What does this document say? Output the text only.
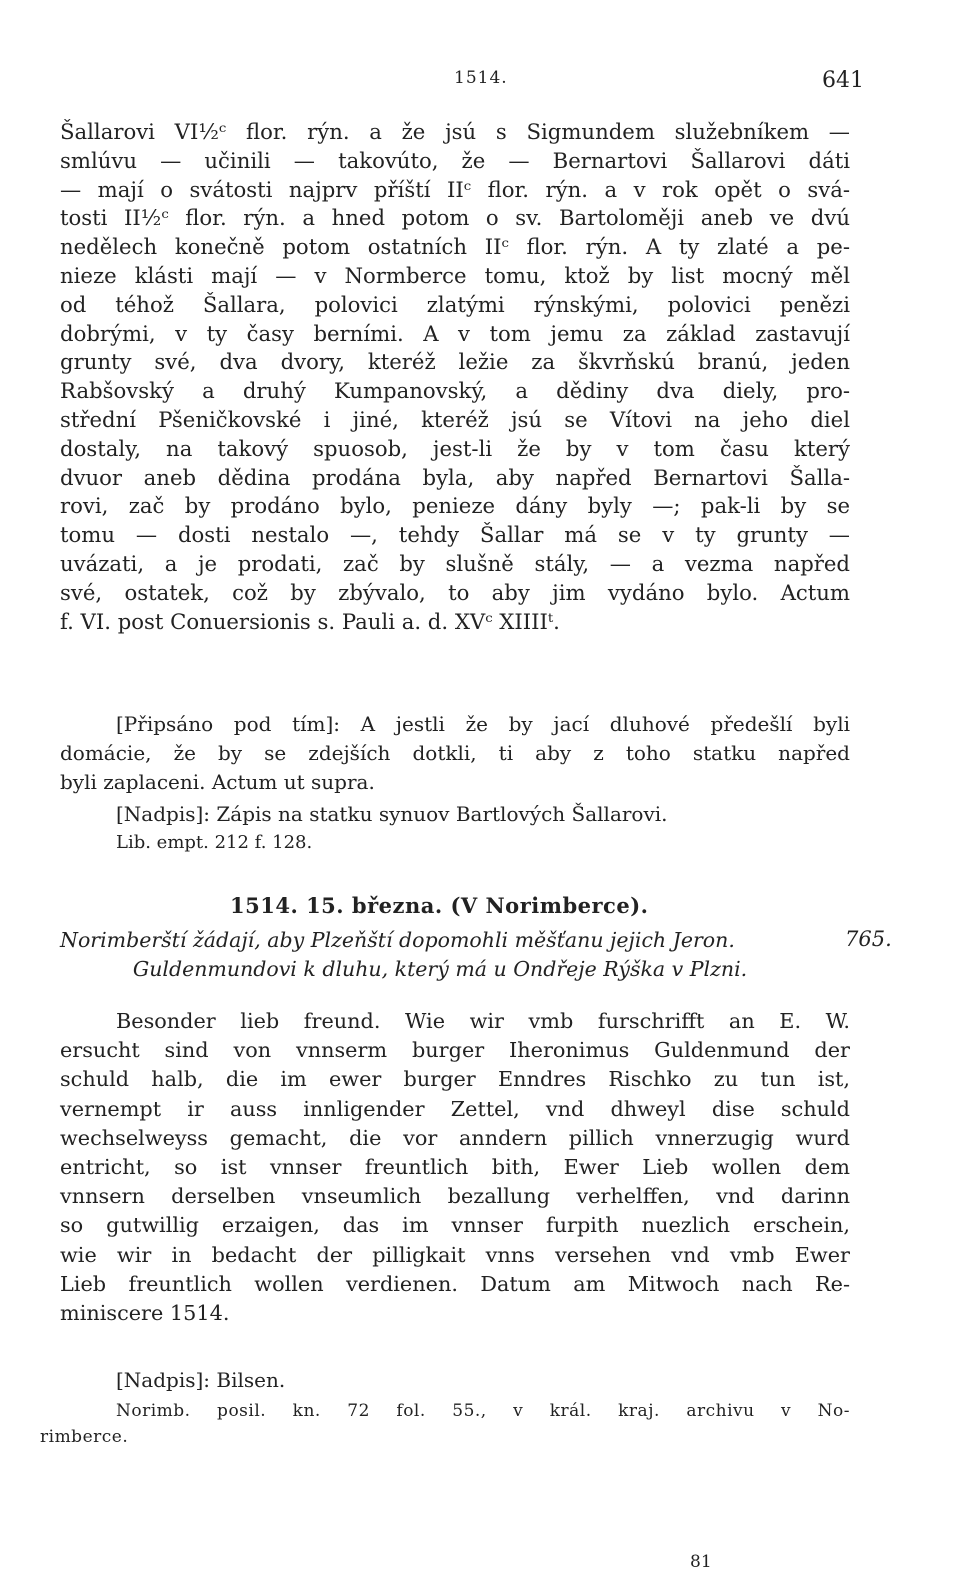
1514.	641
Šallarovi VI½ᶜ flor. rýn. a že jsú s Sigmundem služebníkem —
smlúvu — učinili — takovúto, že — Bernartovi Šallarovi dáti
— mají o svátosti najprv příští IIᶜ flor. rýn. a v rok opět o svá-
tosti II½ᶜ flor. rýn. a hned potom o sv. Bartoloměji aneb ve dvú
nedělech konečně potom ostatních IIᶜ flor. rýn. A ty zlaté a pe-
nieze klásti mají — v Normberce tomu, ktož by list mocný měl
od téhož Šallara, polovici zlatými rýnskými, polovici penězi
dobrými, v ty časy berními. A v tom jemu za základ zastavují
grunty své, dva dvory, kteréž ležie za škvrňskú branú, jeden
Rabšovský a druhý Kumpanovský, a dědiny dva diely, pro-
střední Pšeničkovské i jiné, kteréž jsú se Vítovi na jeho diel
dostaly, na takový spuosob, jest-li že by v tom času který
dvuor aneb dědina prodána byla, aby napřed Bernartovi Šalla-
rovi, zač by prodáno bylo, penieze dány byly —; pak-li by se
tomu — dosti nestalo —, tehdy Šallar má se v ty grunty —
uvázati, a je prodati, zač by slušně stály, — a vezma napřed
své, ostatek, což by zbývalo, to aby jim vydáno bylo. Actum
f. VI. post Conuersionis s. Pauli a. d. XVᶜ XIIIIᵗ.
[Připsáno pod tím]: A jestli že by jací dluhové předešlí byli
domácie, že by se zdejších dotkli, ti aby z toho statku napřed
byli zaplaceni. Actum ut supra.
[Nadpis]: Zápis na statku synuov Bartlových Šallarovi.
Lib. empt. 212 f. 128.
1514. 15. března. (V Norimberce).
Norimberští žádají, aby Plzeňští dopomohli měšťanu jejich Jeron.
Guldenmundovi k dluhu, který má u Ondřeje Rýška v Plzni.
765.
Besonder lieb freund. Wie wir vmb furschrifft an E. W.
ersucht sind von vnnserm burger Iheronimus Guldenmund der
schuld halb, die im ewer burger Enndres Rischko zu tun ist,
vernempt ir auss innligender Zettel, vnd dhweyl dise schuld
wechselweyss gemacht, die vor anndern pillich vnnerzugig wurd
entricht, so ist vnnser freuntlich bith, Ewer Lieb wollen dem
vnnsern derselben vnseumlich bezallung verhelffen, vnd darinn
so gutwillig erzaigen, das im vnnser furpith nuezlich erschein,
wie wir in bedacht der pilligkait vnns versehen vnd vmb Ewer
Lieb freuntlich wollen verdienen. Datum am Mitwoch nach Re-
miniscere 1514.
[Nadpis]: Bilsen.
Norimb. posil. kn. 72 fol. 55., v král. kraj. archivu v No-
rimberce.
81
